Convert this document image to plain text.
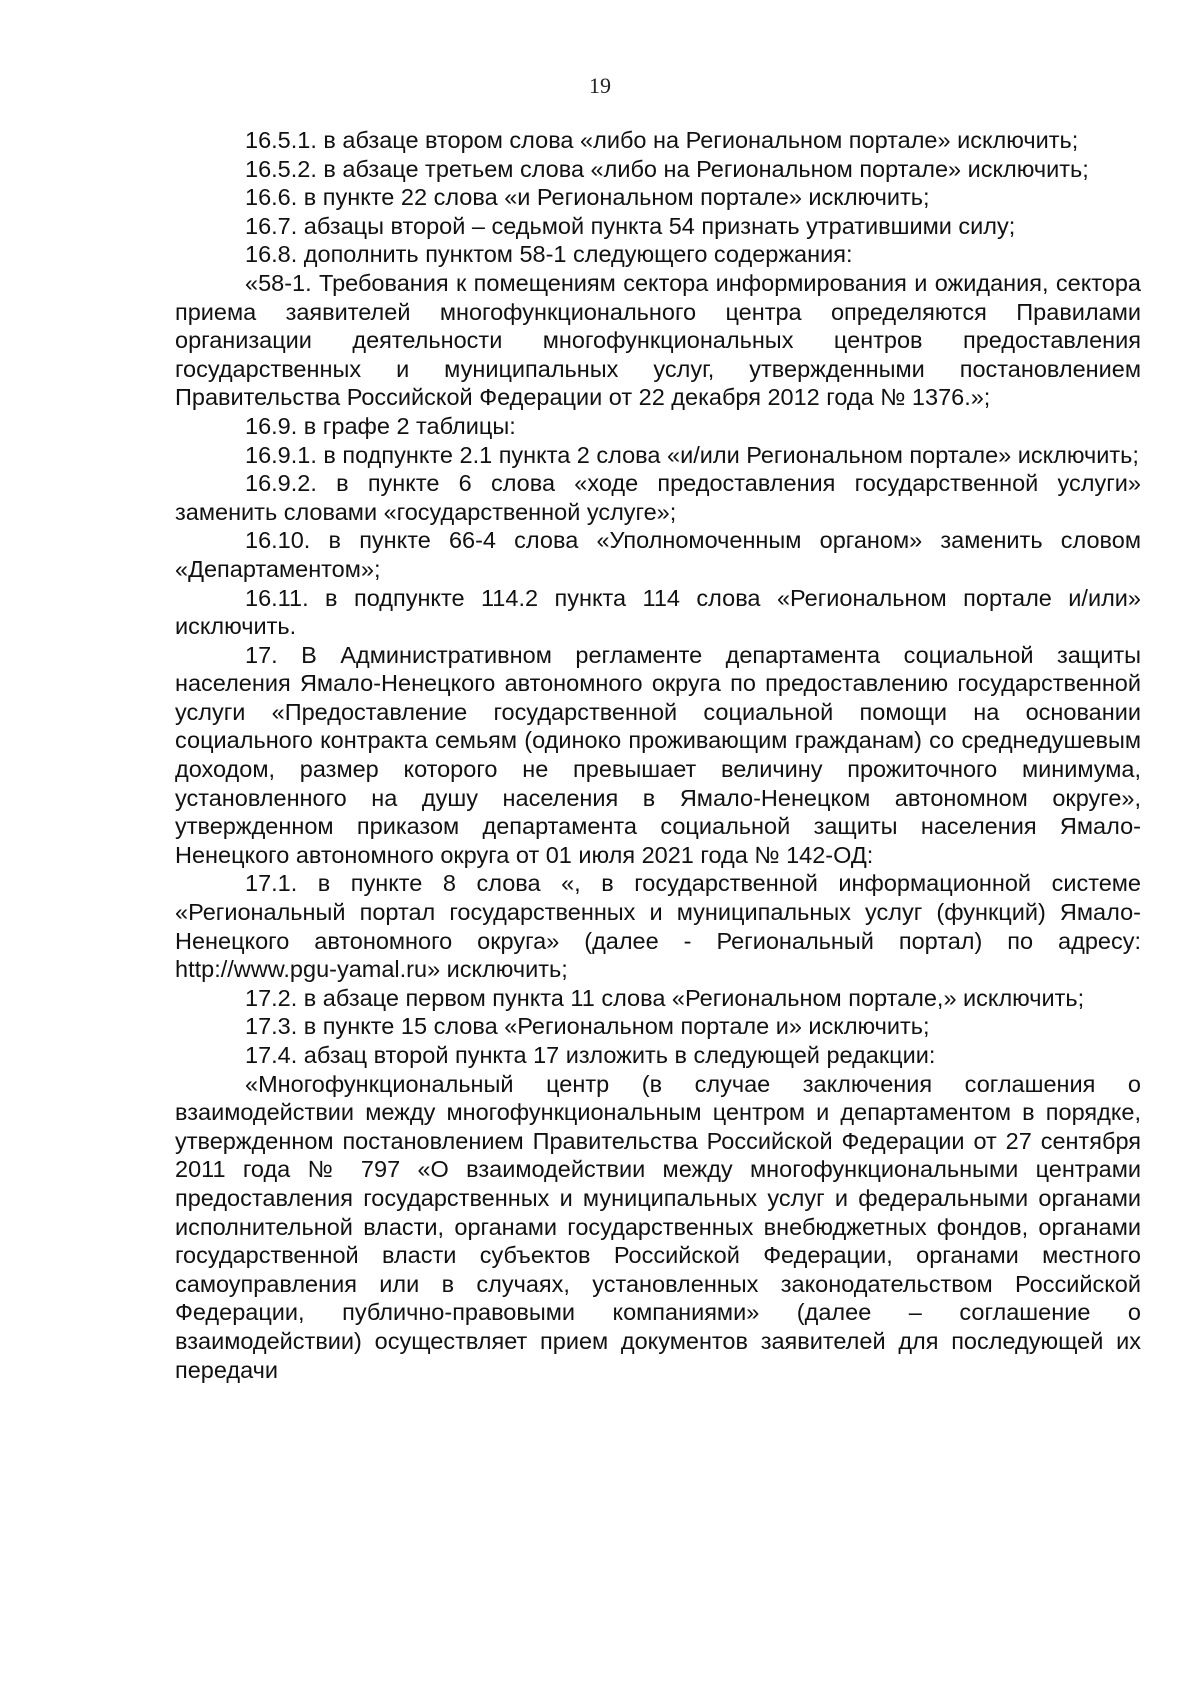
19

16.5.1. в абзаце втором слова «либо на Региональном портале» исключить;

16.5.2. в абзаце третьем слова «либо на Региональном портале» исключить;

16.6. в пункте 22 слова «и Региональном портале» исключить;

16.7. абзацы второй – седьмой пункта 54 признать утратившими силу;

16.8. дополнить пунктом 58-1 следующего содержания:

«58-1. Требования к помещениям сектора информирования и ожидания, сектора приема заявителей многофункционального центра определяются Правилами организации деятельности многофункциональных центров предоставления государственных и муниципальных услуг, утвержденными постановлением Правительства Российской Федерации от 22 декабря 2012 года № 1376.»;

16.9. в графе 2 таблицы:

16.9.1. в подпункте 2.1 пункта 2 слова «и/или Региональном портале» исключить;

16.9.2. в пункте 6 слова «ходе предоставления государственной услуги» заменить словами «государственной услуге»;

16.10. в пункте 66-4 слова «Уполномоченным органом» заменить словом «Департаментом»;

16.11. в подпункте 114.2 пункта 114 слова «Региональном портале и/или» исключить.

17. В Административном регламенте департамента социальной защиты населения Ямало-Ненецкого автономного округа по предоставлению государственной услуги «Предоставление государственной социальной помощи на основании социального контракта семьям (одиноко проживающим гражданам) со среднедушевым доходом, размер которого не превышает величину прожиточного минимума, установленного на душу населения в Ямало-Ненецком автономном округе», утвержденном приказом департамента социальной защиты населения Ямало-Ненецкого автономного округа от 01 июля 2021 года № 142-ОД:

17.1. в пункте 8 слова «, в государственной информационной системе «Региональный портал государственных и муниципальных услуг (функций) Ямало-Ненецкого автономного округа» (далее - Региональный портал) по адресу: http://www.pgu-yamal.ru» исключить;

17.2. в абзаце первом пункта 11 слова «Региональном портале,» исключить;

17.3. в пункте 15 слова «Региональном портале и» исключить;

17.4. абзац второй пункта 17 изложить в следующей редакции:

«Многофункциональный центр (в случае заключения соглашения о взаимодействии между многофункциональным центром и департаментом в порядке, утвержденном постановлением Правительства Российской Федерации от 27 сентября 2011 года № 797 «О взаимодействии между многофункциональными центрами предоставления государственных и муниципальных услуг и федеральными органами исполнительной власти, органами государственных внебюджетных фондов, органами государственной власти субъектов Российской Федерации, органами местного самоуправления или в случаях, установленных законодательством Российской Федерации, публично-правовыми компаниями» (далее – соглашение о взаимодействии) осуществляет прием документов заявителей для последующей их передачи
